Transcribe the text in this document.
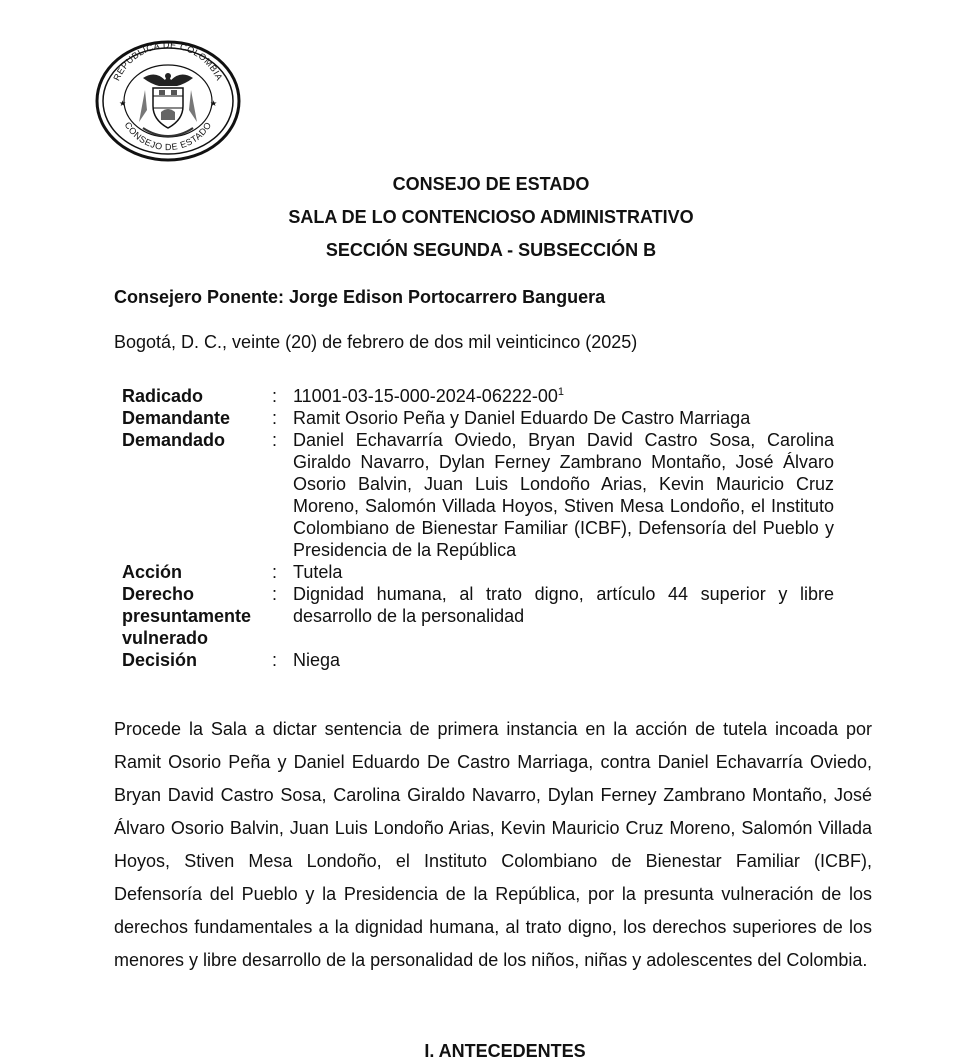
REPUBLICA DE COLOMBIA
CONSEJO DE ESTADO
★	★
CONSEJO DE ESTADO
SALA DE LO CONTENCIOSO ADMINISTRATIVO
SECCIÓN SEGUNDA - SUBSECCIÓN B
Consejero Ponente: Jorge Edison Portocarrero Banguera
Bogotá, D. C., veinte (20) de febrero de dos mil veinticinco (2025)
Radicado	: 11001-03-15-000-2024-06222-00$^1$
Demandante	: Ramit Osorio Peña y Daniel Eduardo De Castro Marriaga
Demandado	: Daniel Echavarría Oviedo, Bryan David Castro Sosa, Carolina Giraldo Navarro, Dylan Ferney Zambrano Montaño, José Álvaro Osorio Balvin, Juan Luis Londoño Arias, Kevin Mauricio Cruz Moreno, Salomón Villada Hoyos, Stiven Mesa Londoño, el Instituto Colombiano de Bienestar Familiar (ICBF), Defensoría del Pueblo y Presidencia de la República
Acción	: Tutela
Derecho
presuntamente
vulnerado
: Dignidad humana, al trato digno, artículo 44 superior y libre desarrollo de la personalidad
Decisión	: Niega
Procede la Sala a dictar sentencia de primera instancia en la acción de tutela incoada por Ramit Osorio Peña y Daniel Eduardo De Castro Marriaga, contra Daniel Echavarría Oviedo, Bryan David Castro Sosa, Carolina Giraldo Navarro, Dylan Ferney Zambrano Montaño, José Álvaro Osorio Balvin, Juan Luis Londoño Arias, Kevin Mauricio Cruz Moreno, Salomón Villada Hoyos, Stiven Mesa Londoño, el Instituto Colombiano de Bienestar Familiar (ICBF), Defensoría del Pueblo y la Presidencia de la República, por la presunta vulneración de los derechos fundamentales a la dignidad humana, al trato digno, los derechos superiores de los menores y libre desarrollo de la personalidad de los niños, niñas y adolescentes del Colombia.
I. ANTECEDENTES
